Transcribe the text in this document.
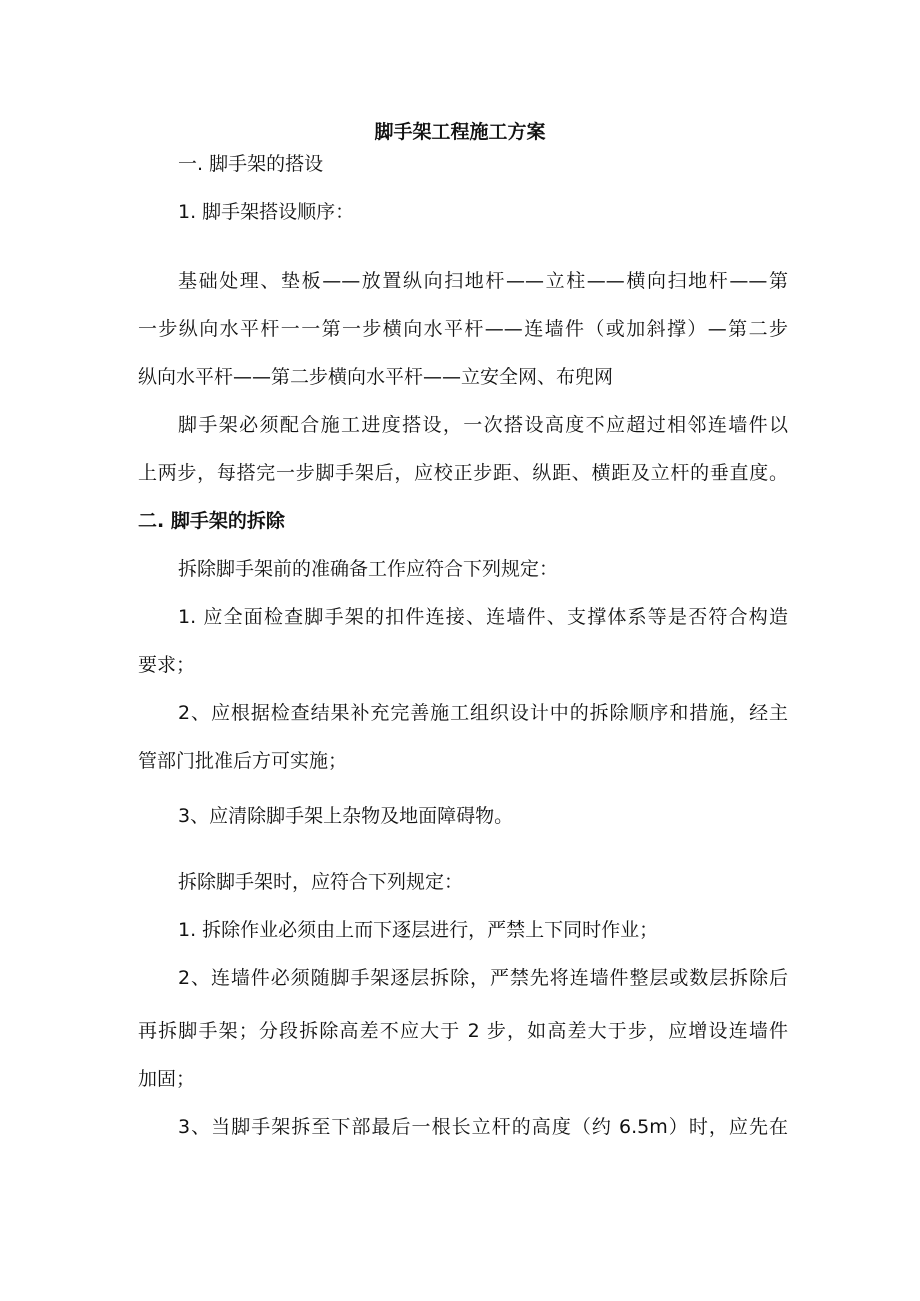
脚手架工程施工方案
一. 脚手架的搭设
1. 脚手架搭设顺序：
基础处理、垫板——放置纵向扫地杆——立柱——横向扫地杆——第
一步纵向水平杆一一第一步横向水平杆——连墙件（或加斜撑）—第二步
纵向水平杆——第二步横向水平杆——立安全网、布兜网
脚手架必须配合施工进度搭设，一次搭设高度不应超过相邻连墙件以
上两步，每搭完一步脚手架后，应校正步距、纵距、横距及立杆的垂直度。
二. 脚手架的拆除
拆除脚手架前的准确备工作应符合下列规定：
1. 应全面检查脚手架的扣件连接、连墙件、支撑体系等是否符合构造
要求；
2、应根据检查结果补充完善施工组织设计中的拆除顺序和措施，经主
管部门批准后方可实施；
3、应清除脚手架上杂物及地面障碍物。
拆除脚手架时，应符合下列规定：
1. 拆除作业必须由上而下逐层进行，严禁上下同时作业；
2、连墙件必须随脚手架逐层拆除，严禁先将连墙件整层或数层拆除后
再拆脚手架；分段拆除高差不应大于 2 步，如高差大于步，应增设连墙件
加固；
3、当脚手架拆至下部最后一根长立杆的高度（约 6.5m）时，应先在
